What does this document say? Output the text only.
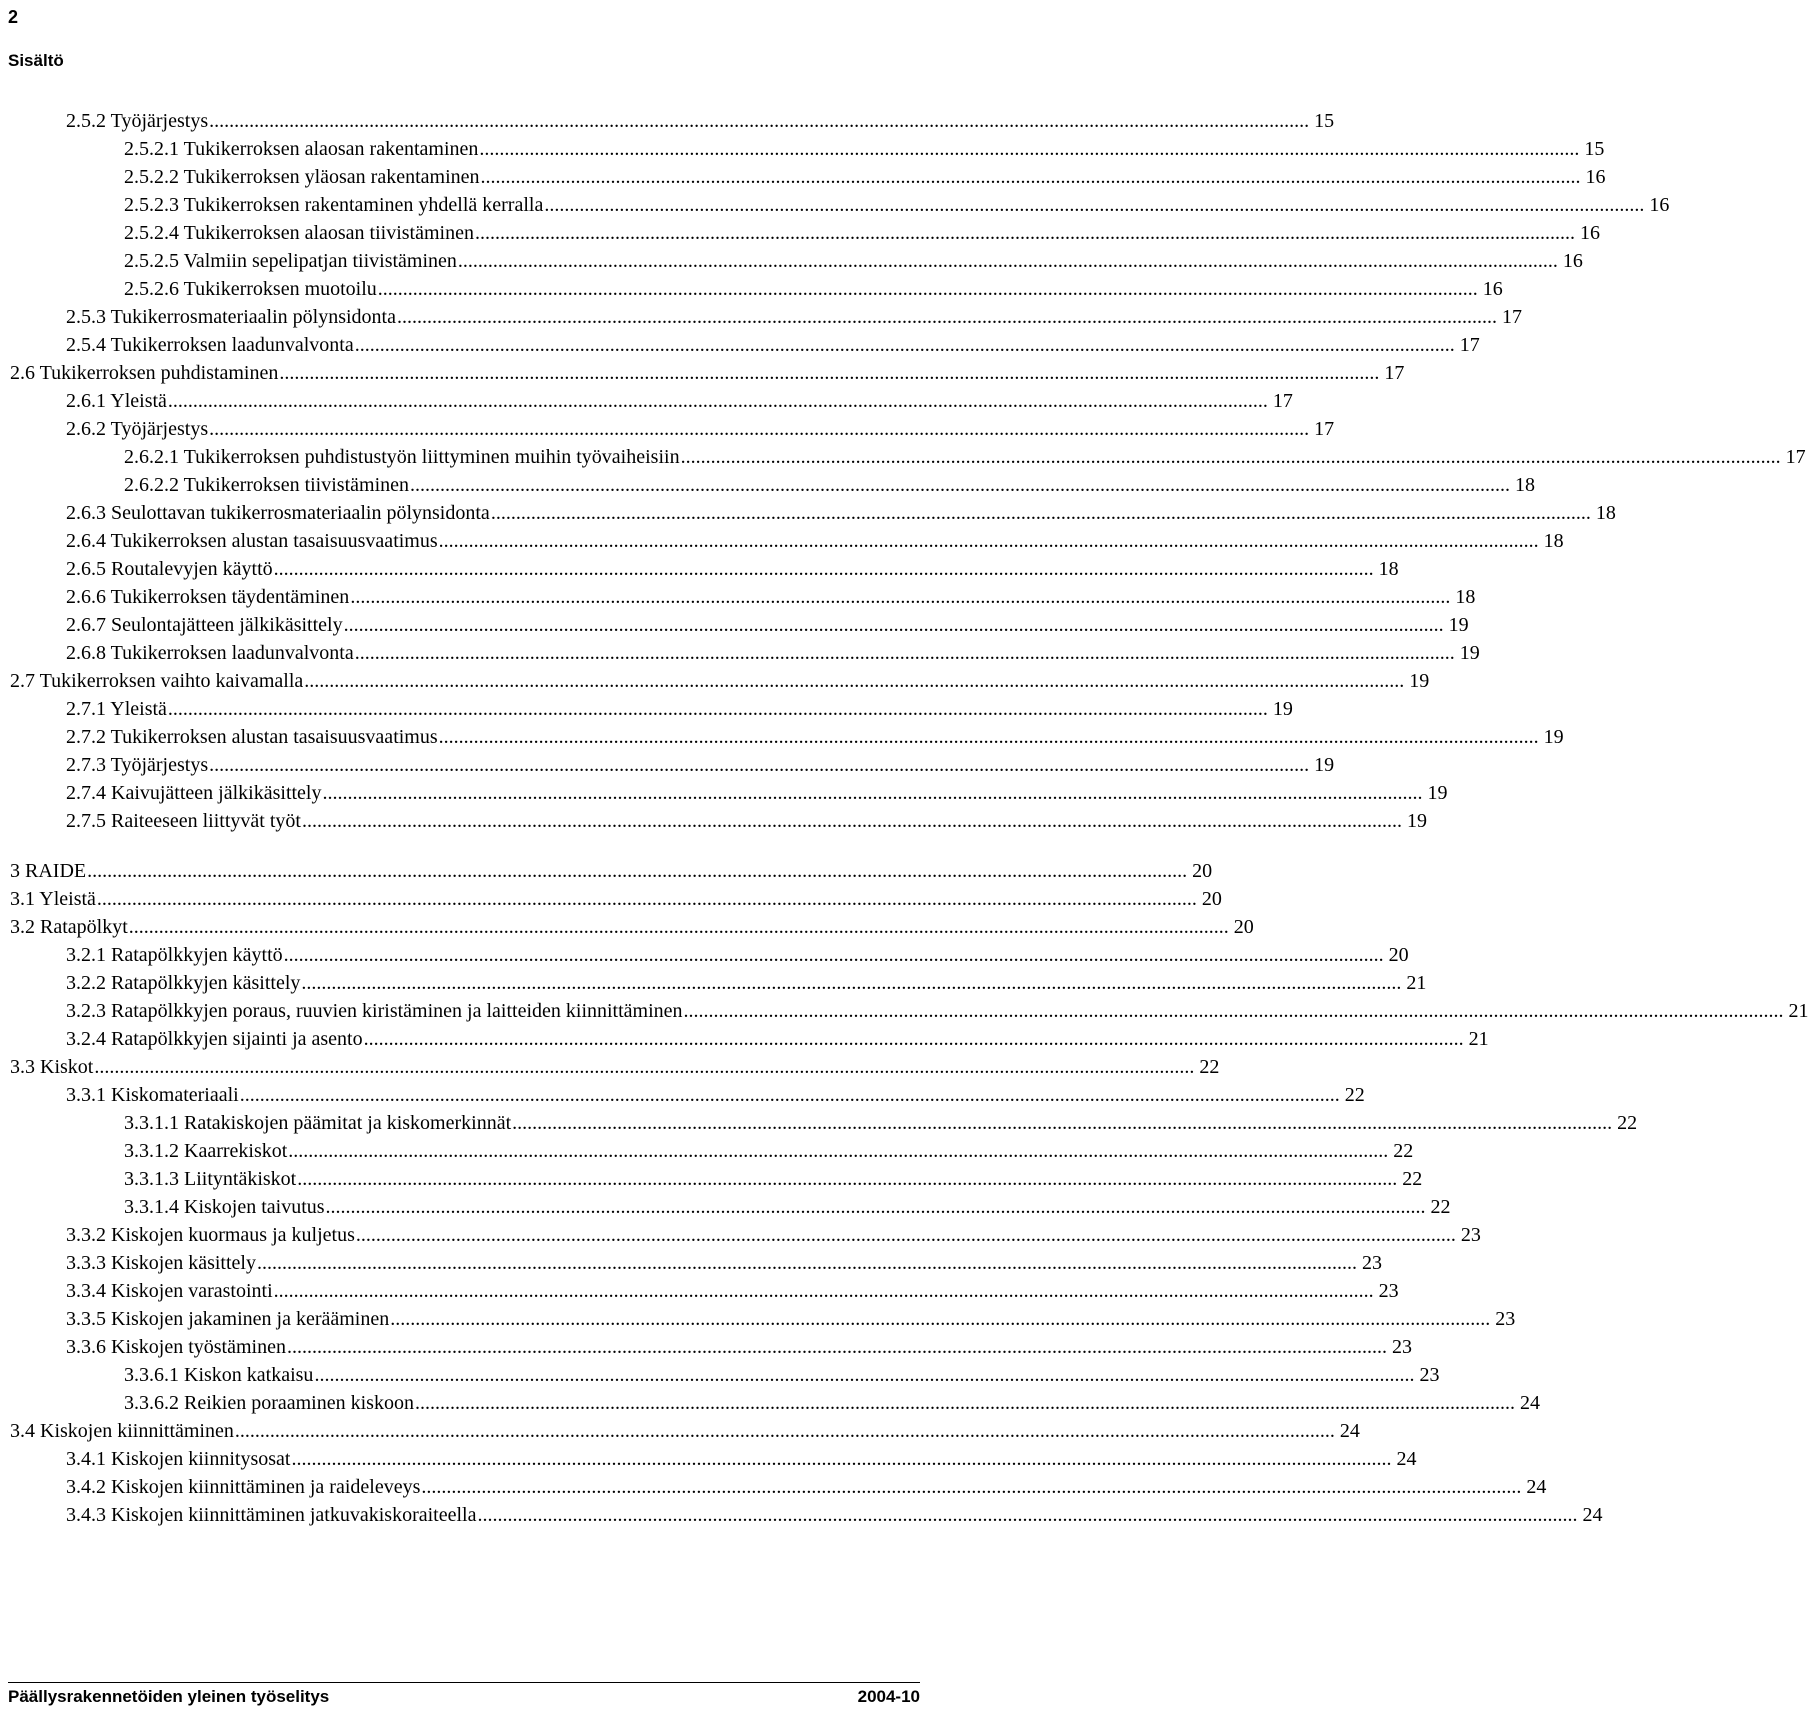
2
Sisältö
2.5.2 Työjärjestys ............................................................................................................................................................................................................................ 15
2.5.2.1 Tukikerroksen alaosan rakentaminen ............................................................................................................................................................................................................................ 15
2.5.2.2 Tukikerroksen yläosan rakentaminen ............................................................................................................................................................................................................................ 16
2.5.2.3 Tukikerroksen rakentaminen yhdellä kerralla ............................................................................................................................................................................................................................ 16
2.5.2.4 Tukikerroksen alaosan tiivistäminen ............................................................................................................................................................................................................................ 16
2.5.2.5 Valmiin sepelipatjan tiivistäminen ............................................................................................................................................................................................................................ 16
2.5.2.6 Tukikerroksen muotoilu ............................................................................................................................................................................................................................ 16
2.5.3 Tukikerrosmateriaalin pölynsidonta ............................................................................................................................................................................................................................ 17
2.5.4 Tukikerroksen laadunvalvonta ............................................................................................................................................................................................................................ 17
2.6 Tukikerroksen puhdistaminen ............................................................................................................................................................................................................................ 17
2.6.1 Yleistä ............................................................................................................................................................................................................................ 17
2.6.2 Työjärjestys ............................................................................................................................................................................................................................ 17
2.6.2.1 Tukikerroksen puhdistustyön liittyminen muihin työvaiheisiin ............................................................................................................................................................................................................................ 17
2.6.2.2 Tukikerroksen tiivistäminen ............................................................................................................................................................................................................................ 18
2.6.3 Seulottavan tukikerrosmateriaalin pölynsidonta ............................................................................................................................................................................................................................ 18
2.6.4 Tukikerroksen alustan tasaisuusvaatimus ............................................................................................................................................................................................................................ 18
2.6.5 Routalevyjen käyttö ............................................................................................................................................................................................................................ 18
2.6.6 Tukikerroksen täydentäminen ............................................................................................................................................................................................................................ 18
2.6.7 Seulontajätteen jälkikäsittely ............................................................................................................................................................................................................................ 19
2.6.8 Tukikerroksen laadunvalvonta ............................................................................................................................................................................................................................ 19
2.7 Tukikerroksen vaihto kaivamalla ............................................................................................................................................................................................................................ 19
2.7.1 Yleistä ............................................................................................................................................................................................................................ 19
2.7.2 Tukikerroksen alustan tasaisuusvaatimus ............................................................................................................................................................................................................................ 19
2.7.3 Työjärjestys ............................................................................................................................................................................................................................ 19
2.7.4 Kaivujätteen jälkikäsittely ............................................................................................................................................................................................................................ 19
2.7.5 Raiteeseen liittyvät työt ............................................................................................................................................................................................................................ 19
3 RAIDE ............................................................................................................................................................................................................................ 20
3.1 Yleistä ............................................................................................................................................................................................................................ 20
3.2 Ratapölkyt ............................................................................................................................................................................................................................ 20
3.2.1 Ratapölkkyjen käyttö ............................................................................................................................................................................................................................ 20
3.2.2 Ratapölkkyjen käsittely ............................................................................................................................................................................................................................ 21
3.2.3 Ratapölkkyjen poraus, ruuvien kiristäminen ja laitteiden kiinnittäminen ............................................................................................................................................................................................................................ 21
3.2.4 Ratapölkkyjen sijainti ja asento ............................................................................................................................................................................................................................ 21
3.3 Kiskot ............................................................................................................................................................................................................................ 22
3.3.1 Kiskomateriaali ............................................................................................................................................................................................................................ 22
3.3.1.1 Ratakiskojen päämitat ja kiskomerkinnät ............................................................................................................................................................................................................................ 22
3.3.1.2 Kaarrekiskot ............................................................................................................................................................................................................................ 22
3.3.1.3 Liityntäkiskot ............................................................................................................................................................................................................................ 22
3.3.1.4 Kiskojen taivutus ............................................................................................................................................................................................................................ 22
3.3.2 Kiskojen kuormaus ja kuljetus ............................................................................................................................................................................................................................ 23
3.3.3 Kiskojen käsittely ............................................................................................................................................................................................................................ 23
3.3.4 Kiskojen varastointi ............................................................................................................................................................................................................................ 23
3.3.5 Kiskojen jakaminen ja kerääminen ............................................................................................................................................................................................................................ 23
3.3.6 Kiskojen työstäminen ............................................................................................................................................................................................................................ 23
3.3.6.1 Kiskon katkaisu ............................................................................................................................................................................................................................ 23
3.3.6.2 Reikien poraaminen kiskoon ............................................................................................................................................................................................................................ 24
3.4 Kiskojen kiinnittäminen ............................................................................................................................................................................................................................ 24
3.4.1 Kiskojen kiinnitysosat ............................................................................................................................................................................................................................ 24
3.4.2 Kiskojen kiinnittäminen ja raideleveys ............................................................................................................................................................................................................................ 24
3.4.3 Kiskojen kiinnittäminen jatkuvakiskoraiteella ............................................................................................................................................................................................................................ 24
Päällysrakennetöiden yleinen työselitys	2004-10
